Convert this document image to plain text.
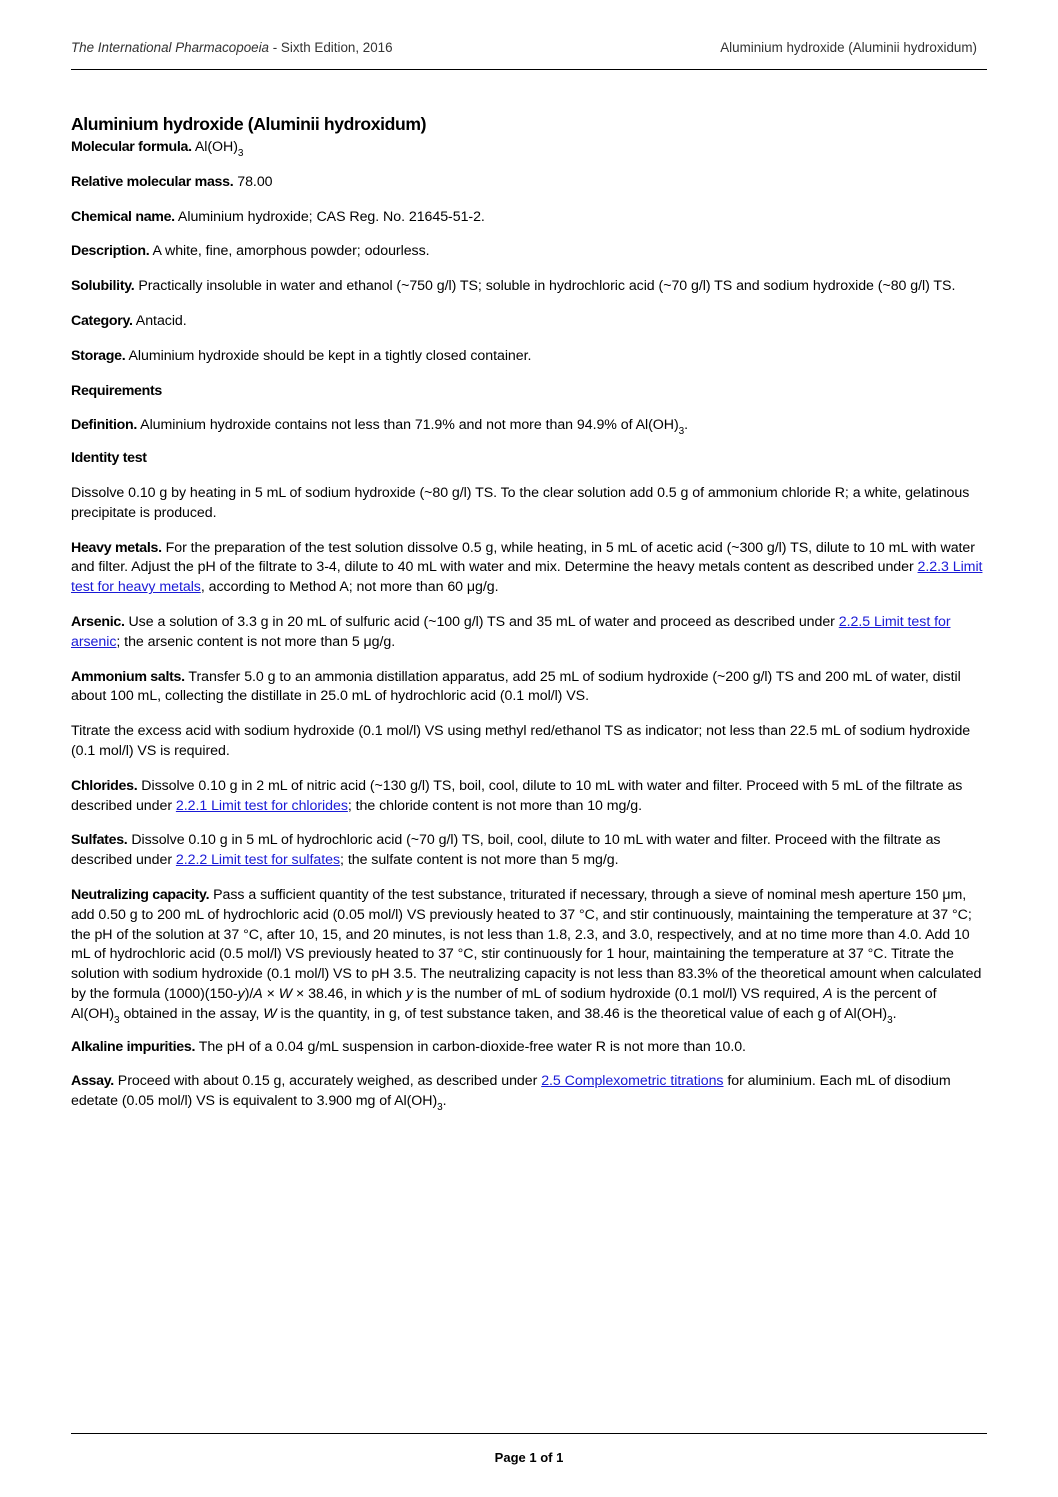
The International Pharmacopoeia - Sixth Edition, 2016	Aluminium hydroxide (Aluminii hydroxidum)
Aluminium hydroxide (Aluminii hydroxidum)

Molecular formula. $Al(OH)_3$

Relative molecular mass. 78.00

Chemical name. Aluminium hydroxide; CAS Reg. No. 21645-51-2.

Description. A white, fine, amorphous powder; odourless.

Solubility. Practically insoluble in water and ethanol (~750 g/l) TS; soluble in hydrochloric acid (~70 g/l) TS and sodium hydroxide (~80 g/l) TS.

Category. Antacid.

Storage. Aluminium hydroxide should be kept in a tightly closed container.

Requirements

Definition. Aluminium hydroxide contains not less than 71.9% and not more than 94.9% of $Al(OH)_3$.

Identity test

Dissolve 0.10 g by heating in 5 mL of sodium hydroxide (~80 g/l) TS. To the clear solution add 0.5 g of ammonium chloride R; a white, gelatinous precipitate is produced.

Heavy metals. For the preparation of the test solution dissolve 0.5 g, while heating, in 5 mL of acetic acid (~300 g/l) TS, dilute to 10 mL with water and filter. Adjust the pH of the filtrate to 3-4, dilute to 40 mL with water and mix. Determine the heavy metals content as described under 2.2.3 Limit test for heavy metals, according to Method A; not more than 60 μg/g.

Arsenic. Use a solution of 3.3 g in 20 mL of sulfuric acid (~100 g/l) TS and 35 mL of water and proceed as described under 2.2.5 Limit test for arsenic; the arsenic content is not more than 5 μg/g.

Ammonium salts. Transfer 5.0 g to an ammonia distillation apparatus, add 25 mL of sodium hydroxide (~200 g/l) TS and 200 mL of water, distil about 100 mL, collecting the distillate in 25.0 mL of hydrochloric acid (0.1 mol/l) VS.

Titrate the excess acid with sodium hydroxide (0.1 mol/l) VS using methyl red/ethanol TS as indicator; not less than 22.5 mL of sodium hydroxide (0.1 mol/l) VS is required.

Chlorides. Dissolve 0.10 g in 2 mL of nitric acid (~130 g/l) TS, boil, cool, dilute to 10 mL with water and filter. Proceed with 5 mL of the filtrate as described under 2.2.1 Limit test for chlorides; the chloride content is not more than 10 mg/g.

Sulfates. Dissolve 0.10 g in 5 mL of hydrochloric acid (~70 g/l) TS, boil, cool, dilute to 10 mL with water and filter. Proceed with the filtrate as described under 2.2.2 Limit test for sulfates; the sulfate content is not more than 5 mg/g.

Neutralizing capacity. Pass a sufficient quantity of the test substance, triturated if necessary, through a sieve of nominal mesh aperture 150 μm, add 0.50 g to 200 mL of hydrochloric acid (0.05 mol/l) VS previously heated to 37 °C, and stir continuously, maintaining the temperature at 37 °C; the pH of the solution at 37 °C, after 10, 15, and 20 minutes, is not less than 1.8, 2.3, and 3.0, respectively, and at no time more than 4.0. Add 10 mL of hydrochloric acid (0.5 mol/l) VS previously heated to 37 °C, stir continuously for 1 hour, maintaining the temperature at 37 °C. Titrate the solution with sodium hydroxide (0.1 mol/l) VS to pH 3.5. The neutralizing capacity is not less than 83.3% of the theoretical amount when calculated by the formula (1000)(150-y)/A × W × 38.46, in which y is the number of mL of sodium hydroxide (0.1 mol/l) VS required, A is the percent of $Al(OH)_3$ obtained in the assay, W is the quantity, in g, of test substance taken, and 38.46 is the theoretical value of each g of $Al(OH)_3$.

Alkaline impurities. The pH of a 0.04 g/mL suspension in carbon-dioxide-free water R is not more than 10.0.

Assay. Proceed with about 0.15 g, accurately weighed, as described under 2.5 Complexometric titrations for aluminium. Each mL of disodium edetate (0.05 mol/l) VS is equivalent to 3.900 mg of $Al(OH)_3$.

Page 1 of 1
